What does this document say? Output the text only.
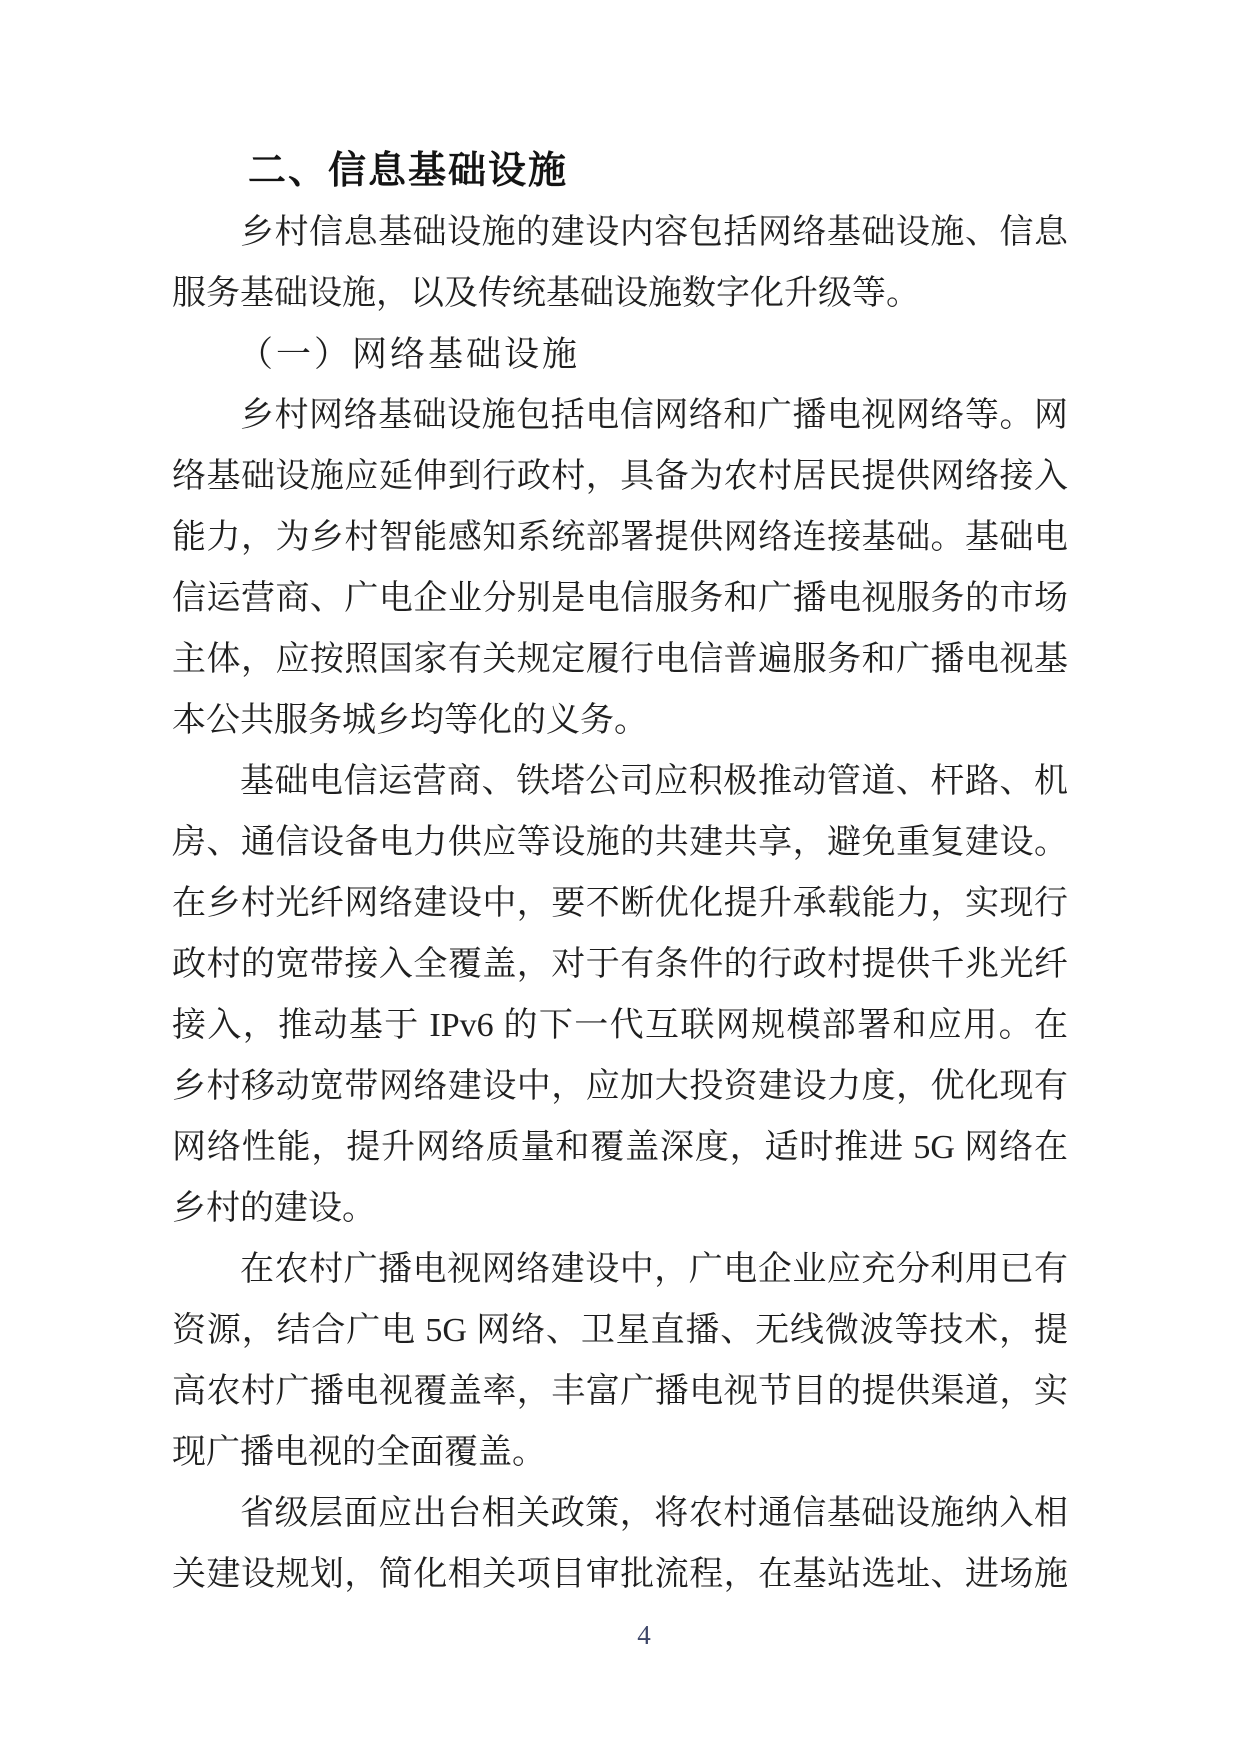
二、信息基础设施
乡村信息基础设施的建设内容包括网络基础设施、信息
服务基础设施，以及传统基础设施数字化升级等。
（一）网络基础设施
乡村网络基础设施包括电信网络和广播电视网络等。网
络基础设施应延伸到行政村，具备为农村居民提供网络接入
能力，为乡村智能感知系统部署提供网络连接基础。基础电
信运营商、广电企业分别是电信服务和广播电视服务的市场
主体，应按照国家有关规定履行电信普遍服务和广播电视基
本公共服务城乡均等化的义务。
基础电信运营商、铁塔公司应积极推动管道、杆路、机
房、通信设备电力供应等设施的共建共享，避免重复建设。
在乡村光纤网络建设中，要不断优化提升承载能力，实现行
政村的宽带接入全覆盖，对于有条件的行政村提供千兆光纤
接入，推动基于 IPv6 的下一代互联网规模部署和应用。在
乡村移动宽带网络建设中，应加大投资建设力度，优化现有
网络性能，提升网络质量和覆盖深度，适时推进 5G 网络在
乡村的建设。
在农村广播电视网络建设中，广电企业应充分利用已有
资源，结合广电 5G 网络、卫星直播、无线微波等技术，提
高农村广播电视覆盖率，丰富广播电视节目的提供渠道，实
现广播电视的全面覆盖。
省级层面应出台相关政策，将农村通信基础设施纳入相
关建设规划，简化相关项目审批流程，在基站选址、进场施
4
